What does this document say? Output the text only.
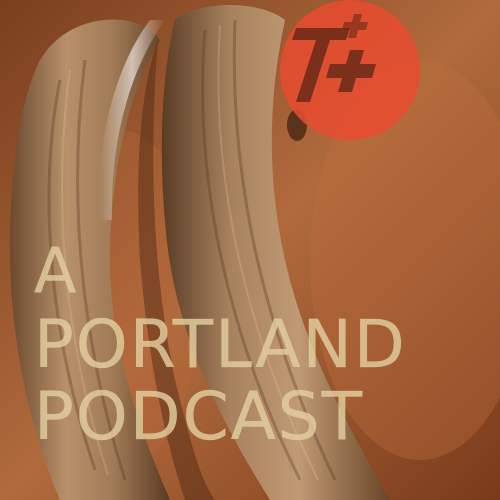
A
PORTLAND
PODCAST
